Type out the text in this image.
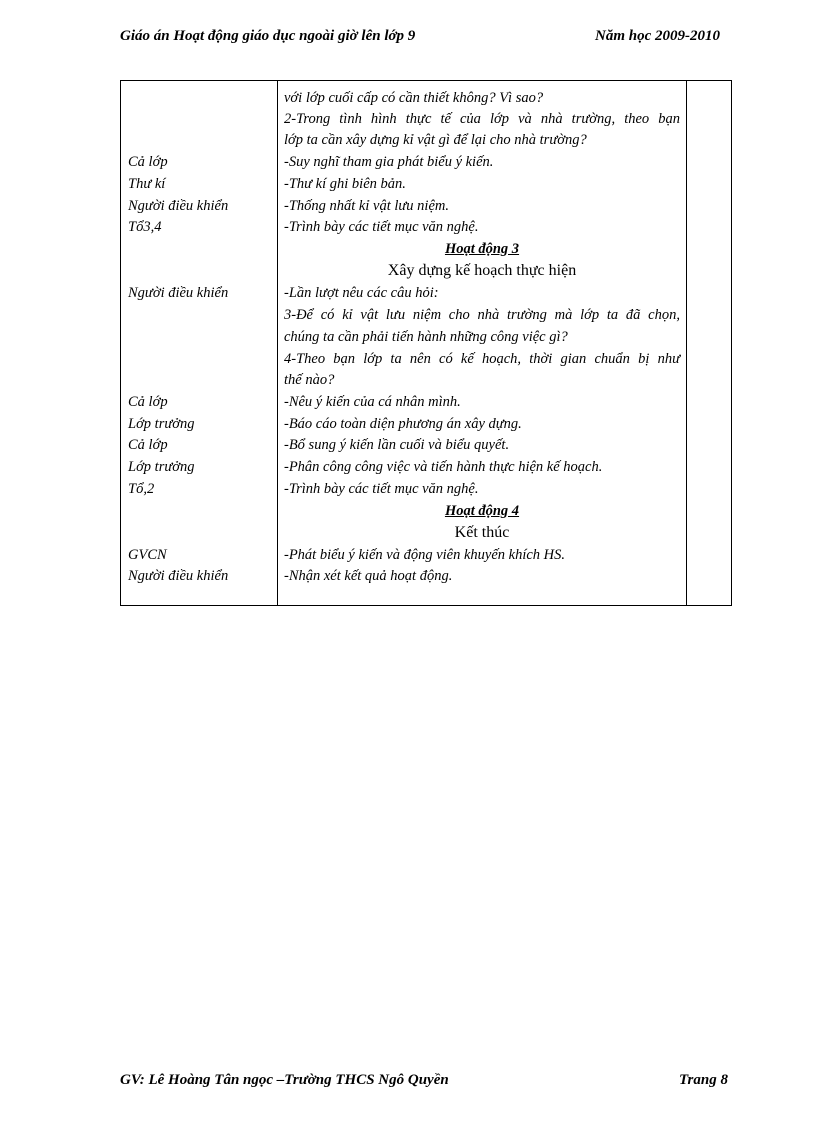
Giáo án Hoạt động giáo dục ngoài giờ lên lớp 9	Năm học 2009-2010
với lớp cuối cấp có cần thiết không? Vì sao?
2-Trong tình hình thực tế của lớp và nhà trường, theo bạn
lớp ta cần xây dựng kỉ vật gì để lại cho nhà trường?
Cả lớp	-Suy nghĩ tham gia phát biểu ý kiến.
Thư kí	-Thư kí ghi biên bản.
Người điều khiển	-Thống nhất kỉ vật lưu niệm.
Tổ3,4	-Trình bày các tiết mục văn nghệ.
Hoạt động 3
Xây dựng kế hoạch thực hiện
Người điều khiển	-Lần lượt nêu các câu hỏi:
3-Để có kỉ vật lưu niệm cho nhà trường mà lớp ta đã chọn,
chúng ta cần phải tiến hành những công việc gì?
4-Theo bạn lớp ta nên có kế hoạch, thời gian chuẩn bị như
thế nào?
Cả lớp	-Nêu ý kiến của cá nhân mình.
Lớp trưởng	-Báo cáo toàn diện phương án xây dựng.
Cả lớp	-Bổ sung ý kiến lần cuối và biểu quyết.
Lớp trưởng	-Phân công công việc và tiến hành thực hiện kế hoạch.
Tổ,2	-Trình bày các tiết mục văn nghệ.
Hoạt động 4
Kết thúc
GVCN	-Phát biểu ý kiến và động viên khuyến khích HS.
Người điều khiển	-Nhận xét kết quả hoạt động.
GV: Lê Hoàng Tân ngọc –Trường THCS Ngô Quyền	Trang 8
